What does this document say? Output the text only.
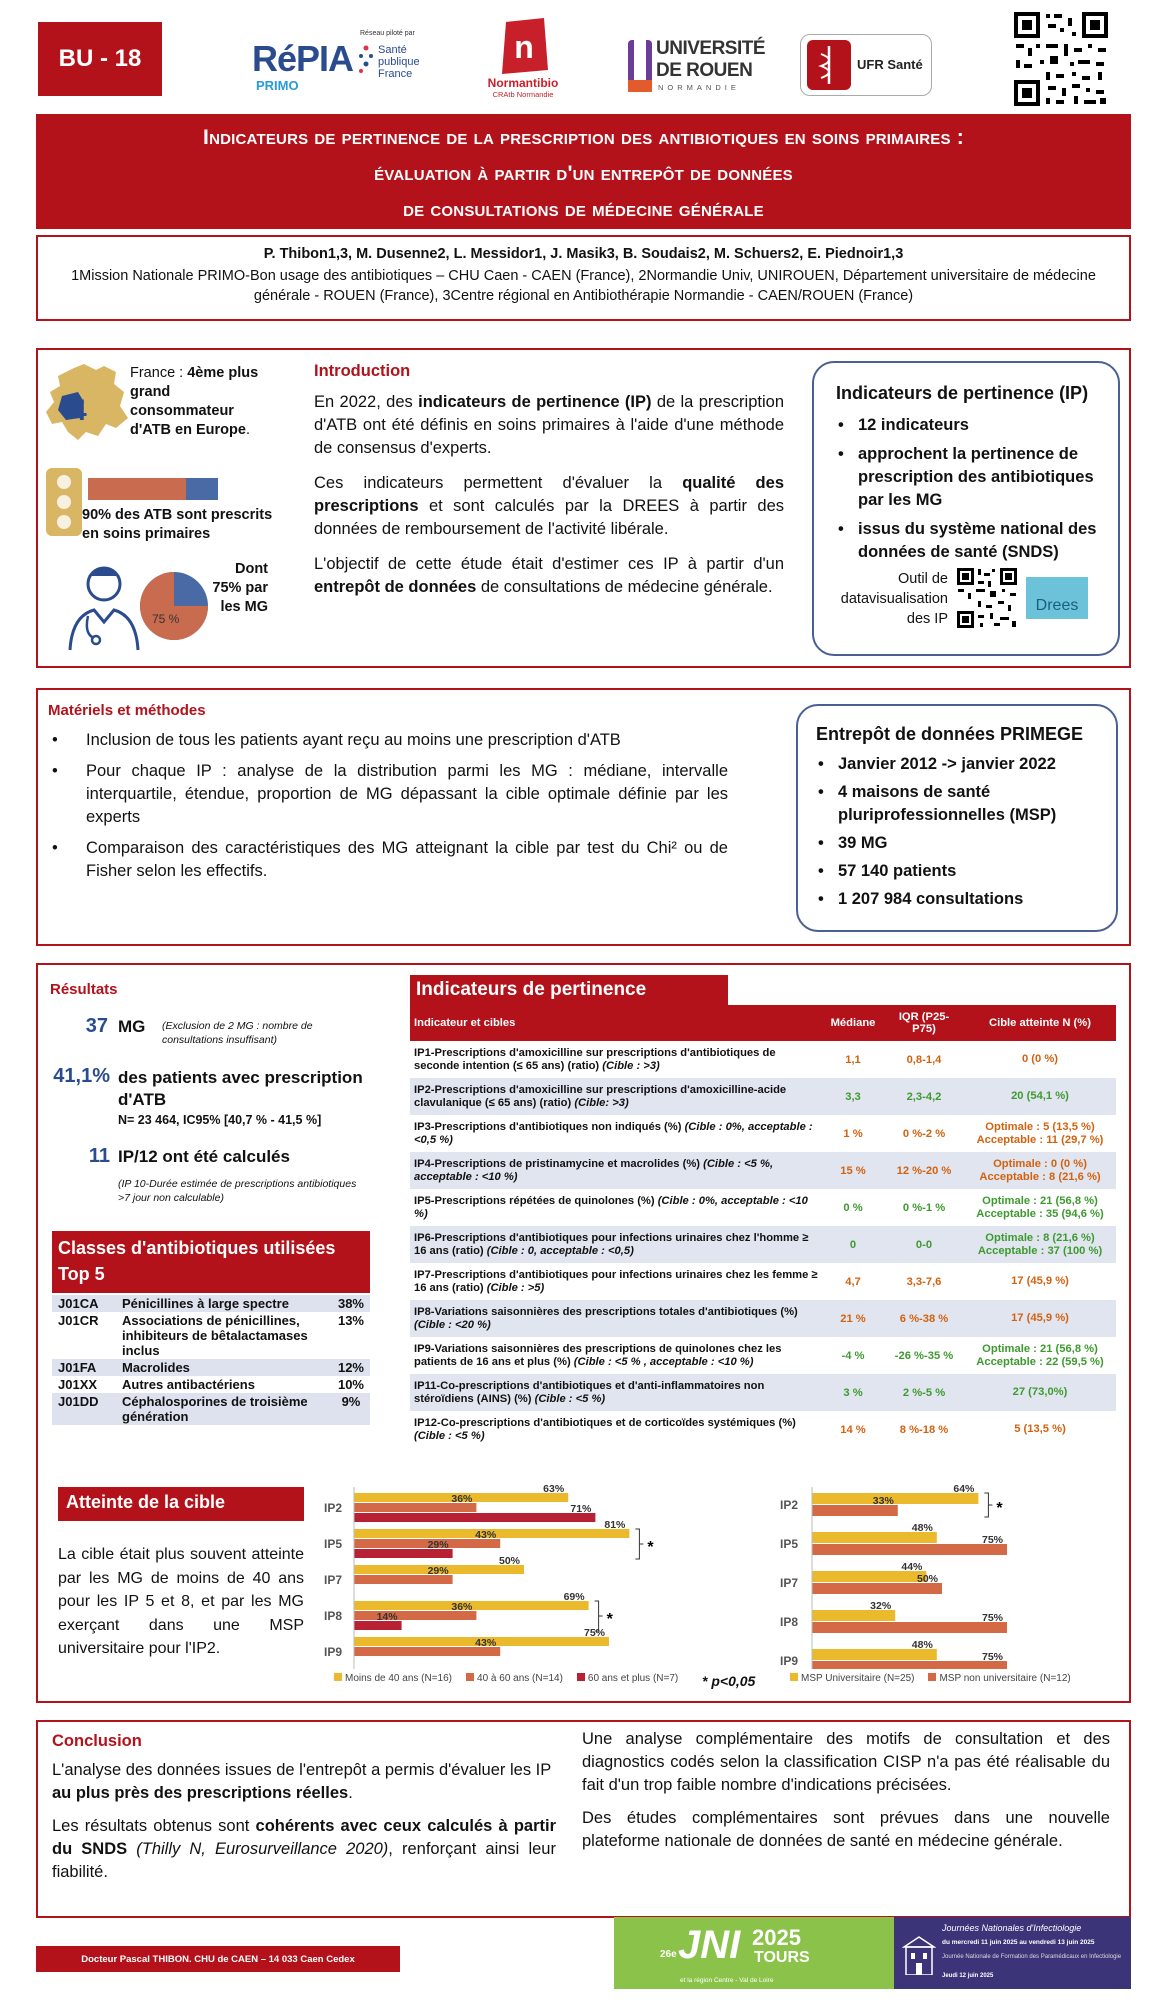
BU - 18	RéPIA
PRIMO
Réseau piloté par
Santé publique France
n
Normantibio
CRAtb Normandie
UNIVERSITÉ
DE ROUEN
NORMANDIE
UFR Santé
Indicateurs de pertinence de la prescription des antibiotiques en soins primaires :
évaluation à partir d'un entrepôt de données
de consultations de médecine générale
P. Thibon1,3, M. Dusenne2, L. Messidor1, J. Masik3, B. Soudais2, M. Schuers2, E. Piednoir1,3
1Mission Nationale PRIMO-Bon usage des antibiotiques – CHU Caen - CAEN (France), 2Normandie Univ, UNIROUEN, Département universitaire de médecine générale - ROUEN (France), 3Centre régional en Antibiothérapie Normandie - CAEN/ROUEN (France)
4
France : 4ème plus grand consommateur d'ATB en Europe.
90% des ATB sont prescrits en soins primaires
75 %
Dont 75% par les MG
Introduction
En 2022, des indicateurs de pertinence (IP) de la prescription d'ATB ont été définis en soins primaires à l'aide d'une méthode de consensus d'experts.
Ces indicateurs permettent d'évaluer la qualité des prescriptions et sont calculés par la DREES à partir des données de remboursement de l'activité libérale.
L'objectif de cette étude était d'estimer ces IP à partir d'un entrepôt de données de consultations de médecine générale.
Indicateurs de pertinence (IP)
• 12 indicateurs
• approchent la pertinence de prescription des antibiotiques par les MG
• issus du système national des données de santé (SNDS)
Outil de datavisualisation des IP
Drees
Matériels et méthodes
• Inclusion de tous les patients ayant reçu au moins une prescription d'ATB
• Pour chaque IP : analyse de la distribution parmi les MG : médiane, intervalle interquartile, étendue, proportion de MG dépassant la cible optimale définie par les experts
• Comparaison des caractéristiques des MG atteignant la cible par test du Chi² ou de Fisher selon les effectifs.
Entrepôt de données PRIMEGE
• Janvier 2012 -> janvier 2022
• 4 maisons de santé pluriprofessionnelles (MSP)
• 39 MG
• 57 140 patients
• 1 207 984 consultations
Résultats
37 MG (Exclusion de 2 MG : nombre de consultations insuffisant)
41,1% des patients avec prescription d'ATB
N= 23 464, IC95% [40,7 % - 41,5 %]
11 IP/12 ont été calculés
(IP 10-Durée estimée de prescriptions antibiotiques >7 jour non calculable)
Classes d'antibiotiques utilisées Top 5
J01CA	Pénicillines à large spectre	38%
J01CR	Associations de pénicillines, inhibiteurs de bêtalactamases inclus	13%
J01FA	Macrolides	12%
J01XX	Autres antibactériens	10%
J01DD	Céphalosporines de troisième génération	9%
Indicateurs de pertinence
Indicateur et cibles	Médiane	IQR (P25-P75)	Cible atteinte N (%)
IP1-Prescriptions d'amoxicilline sur prescriptions d'antibiotiques de seconde intention (≤ 65 ans) (ratio) (Cible : >3)	1,1	0,8-1,4	0 (0 %)

IP2-Prescriptions d'amoxicilline sur prescriptions d'amoxicilline-acide clavulanique (≤ 65 ans) (ratio) (Cible: >3)	3,3	2,3-4,2	20 (54,1 %)

IP3-Prescriptions d'antibiotiques non indiqués (%) (Cible : 0%, acceptable : <0,5 %)	1 %	0 %-2 %	Optimale : 5 (13,5 %)
Acceptable : 11 (29,7 %)

IP4-Prescriptions de pristinamycine et macrolides (%) (Cible : <5 %, acceptable : <10 %)	15 %	12 %-20 %	Optimale : 0 (0 %)
Acceptable : 8 (21,6 %)

IP5-Prescriptions répétées de quinolones (%) (Cible : 0%, acceptable : <10 %)	0 %	0 %-1 %	Optimale : 21 (56,8 %)
Acceptable : 35 (94,6 %)

IP6-Prescriptions d'antibiotiques pour infections urinaires chez l'homme ≥ 16 ans (ratio) (Cible : 0, acceptable : <0,5)	0	0-0	Optimale : 8 (21,6 %)
Acceptable : 37 (100 %)

IP7-Prescriptions d'antibiotiques pour infections urinaires chez les femme ≥ 16 ans (ratio) (Cible : >5)	4,7	3,3-7,6	17 (45,9 %)

IP8-Variations saisonnières des prescriptions totales d'antibiotiques (%) (Cible : <20 %)	21 %	6 %-38 %	17 (45,9 %)

IP9-Variations saisonnières des prescriptions de quinolones chez les patients de 16 ans et plus (%) (Cible : <5 % , acceptable : <10 %)	-4 %	-26 %-35 %	Optimale : 21 (56,8 %)
Acceptable : 22 (59,5 %)

IP11-Co-prescriptions d'antibiotiques et d'anti-inflammatoires non stéroïdiens (AINS) (%) (Cible : <5 %)	3 %	2 %-5 %	27 (73,0%)

IP12-Co-prescriptions d'antibiotiques et de corticoïdes systémiques (%) (Cible : <5 %)	14 %	8 %-18 %	5 (13,5 %)
Atteinte de la cible
La cible était plus souvent atteinte par les MG de moins de 40 ans pour les IP 5 et 8, et par les MG exerçant dans une MSP universitaire pour l'IP2.
IP2
63%
36%
71%
IP5
81%
43%
29%	*
IP7
50%
29%
IP8
69%
36%
14%	*
IP9
75%
43%
* p<0,05
IP2
64%
33%	*
IP5
48%
75%
IP7
44%
50%
IP8
32%
75%
IP9
48%
75%
Moins de 40 ans (N=16)	40 à 60 ans (N=14)	60 ans et plus (N=7)	MSP Universitaire (N=25)	MSP non universitaire (N=12)
Conclusion
L'analyse des données issues de l'entrepôt a permis d'évaluer les IP au plus près des prescriptions réelles.
Les résultats obtenus sont cohérents avec ceux calculés à partir du SNDS (Thilly N, Eurosurveillance 2020), renforçant ainsi leur fiabilité.
Une analyse complémentaire des motifs de consultation et des diagnostics codés selon la classification CISP n'a pas été réalisable du fait d'un trop faible nombre d'indications précisées.
Des études complémentaires sont prévues dans une nouvelle plateforme nationale de données de santé en médecine générale.
Docteur Pascal THIBON. CHU de CAEN – 14 033 Caen Cedex	26e JNI 2025
TOURS
et la région Centre - Val de Loire
Journées Nationales d'Infectiologie
du mercredi 11 juin 2025 au vendredi 13 juin 2025
Journée Nationale de Formation des Paramédicaux en Infectiologie
Jeudi 12 juin 2025
